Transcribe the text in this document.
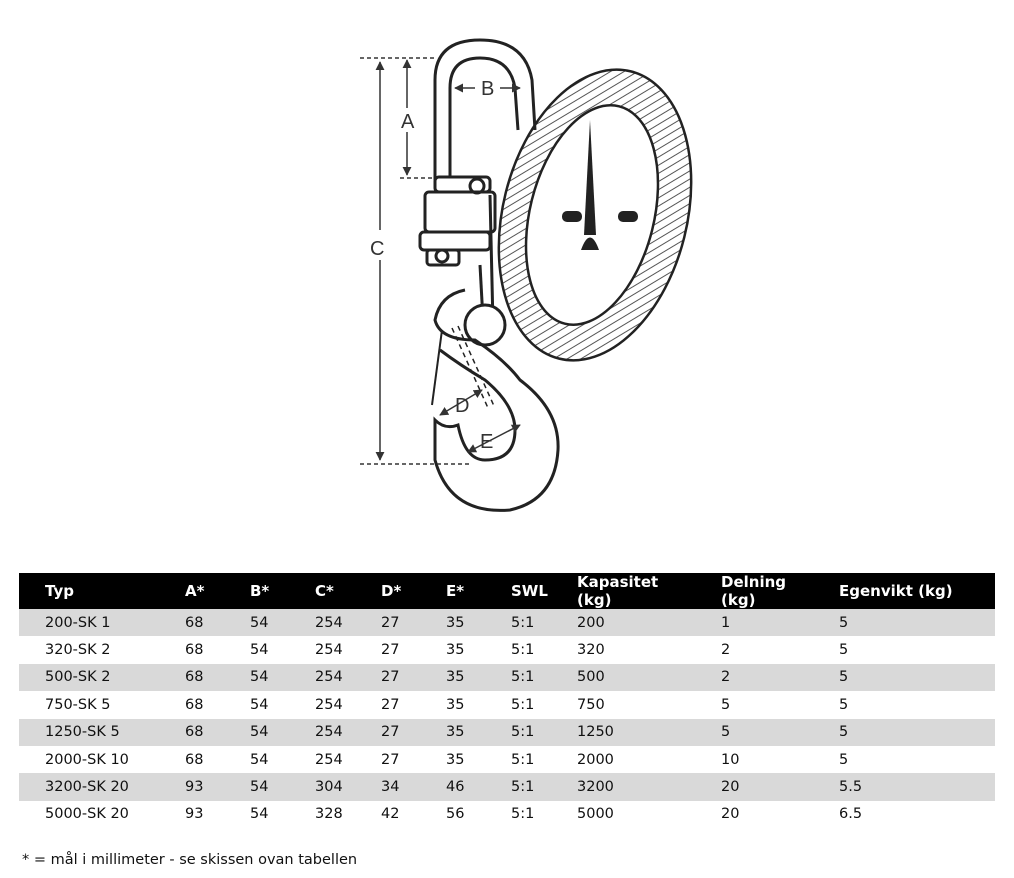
A
B
C
D
E
Typ	A*	B*	C*	D*	E*	SWL	Kapasitet (kg)	Delning (kg)	Egenvikt (kg)
200-SK 1	68	54	254	27	35	5:1	200	1	5
320-SK 2	68	54	254	27	35	5:1	320	2	5
500-SK 2	68	54	254	27	35	5:1	500	2	5
750-SK 5	68	54	254	27	35	5:1	750	5	5
1250-SK 5	68	54	254	27	35	5:1	1250	5	5
2000-SK 10	68	54	254	27	35	5:1	2000	10	5
3200-SK 20	93	54	304	34	46	5:1	3200	20	5.5
5000-SK 20	93	54	328	42	56	5:1	5000	20	6.5
* = mål i millimeter - se skissen ovan tabellen
